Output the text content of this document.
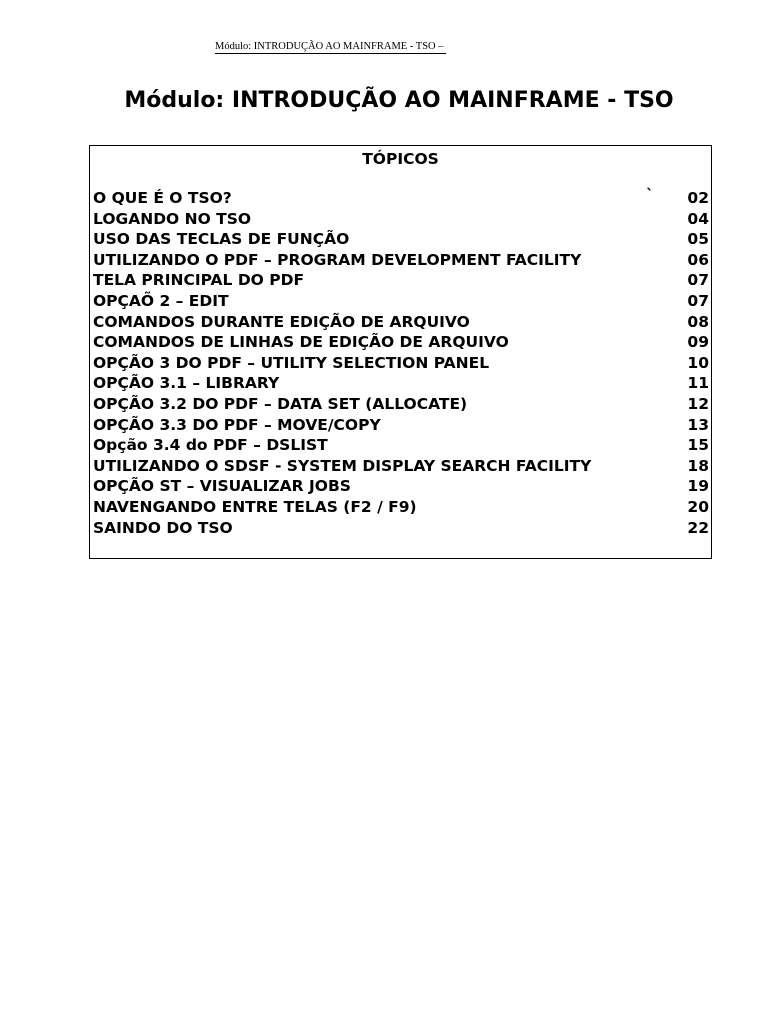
Módulo: INTRODUÇÃO AO MAINFRAME - TSO –
Módulo: INTRODUÇÃO AO MAINFRAME - TSO
TÓPICOS
O QUE É O TSO?	` 02
LOGANDO NO TSO	04
USO DAS TECLAS DE FUNÇÃO	05
UTILIZANDO O PDF – PROGRAM DEVELOPMENT FACILITY	06
TELA PRINCIPAL DO PDF	07
OPÇAÕ 2 – EDIT	07
COMANDOS DURANTE EDIÇÃO DE ARQUIVO	08
COMANDOS DE LINHAS DE EDIÇÃO DE ARQUIVO	09
OPÇÃO 3 DO PDF – UTILITY SELECTION PANEL	10
OPÇÃO 3.1 – LIBRARY	11
OPÇÃO 3.2 DO PDF – DATA SET (ALLOCATE)	12
OPÇÃO 3.3 DO PDF – MOVE/COPY	13
Opção 3.4 do PDF – DSLIST	15
UTILIZANDO O SDSF - SYSTEM DISPLAY SEARCH FACILITY	18
OPÇÃO ST – VISUALIZAR JOBS	19
NAVENGANDO ENTRE TELAS (F2 / F9)	20
SAINDO DO TSO	22
